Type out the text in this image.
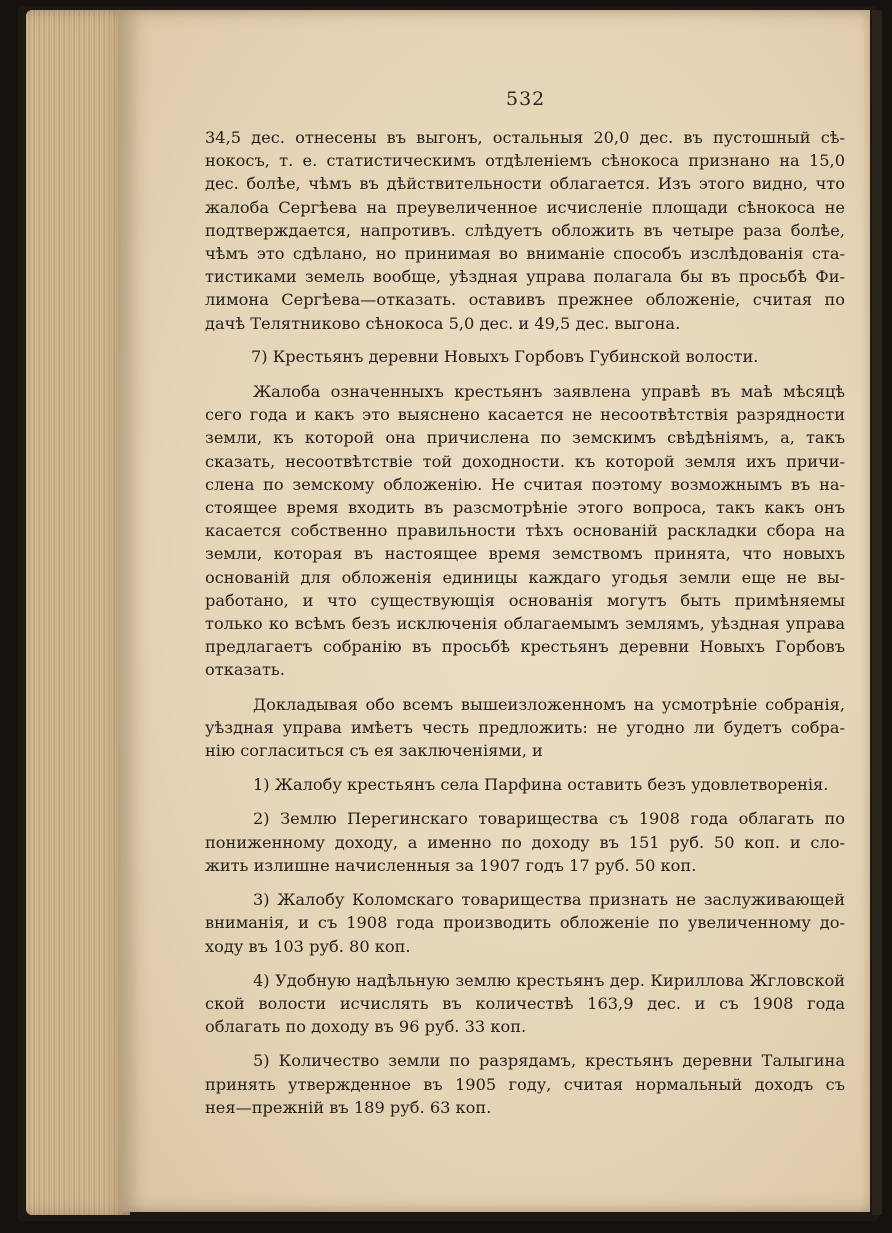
532
34,5 дес. отнесены въ выгонъ, остальныя 20,0 дес. въ пустошный сѣ-
нокосъ, т. е. статистическимъ отдѣленіемъ сѣнокоса признано на 15,0
дес. болѣе, чѣмъ въ дѣйствительности облагается. Изъ этого видно, что
жалоба Сергѣева на преувеличенное исчисленіе площади сѣнокоса не
подтверждается, напротивъ. слѣдуетъ обложить въ четыре раза болѣе,
чѣмъ это сдѣлано, но принимая во вниманіе способъ изслѣдованія ста-
тистиками земель вообще, уѣздная управа полагала бы въ просьбѣ Фи-
лимона Сергѣева—отказать. оставивъ прежнее обложеніе, считая по
дачѣ Телятниково сѣнокоса 5,0 дес. и 49,5 дес. выгона.
7) Крестьянъ деревни Новыхъ Горбовъ Губинской волости.
Жалоба означенныхъ крестьянъ заявлена управѣ въ маѣ мѣсяцѣ
сего года и какъ это выяснено касается не несоотвѣтствія разрядности
земли, къ которой она причислена по земскимъ свѣдѣніямъ, а, такъ
сказать, несоотвѣтствіе той доходности. къ которой земля ихъ причи-
слена по земскому обложенію. Не считая поэтому возможнымъ въ на-
стоящее время входить въ разсмотрѣніе этого вопроса, такъ какъ онъ
касается собственно правильности тѣхъ основаній раскладки сбора на
земли, которая въ настоящее время земствомъ принята, что новыхъ
основаній для обложенія единицы каждаго угодья земли еще не вы-
работано, и что существующія основанія могутъ быть примѣняемы
только ко всѣмъ безъ исключенія облагаемымъ землямъ, уѣздная управа
предлагаетъ собранію въ просьбѣ крестьянъ деревни Новыхъ Горбовъ
отказать.
Докладывая обо всемъ вышеизложенномъ на усмотрѣніе собранія,
уѣздная управа имѣетъ честь предложить: не угодно ли будетъ собра-
нію согласиться съ ея заключеніями, и
1) Жалобу крестьянъ села Парфина оставить безъ удовлетворенія.
2) Землю Перегинскаго товарищества съ 1908 года облагать по
пониженному доходу, а именно по доходу въ 151 руб. 50 коп. и сло-
жить излишне начисленныя за 1907 годъ 17 руб. 50 коп.
3) Жалобу Коломскаго товарищества признать не заслуживающей
вниманія, и съ 1908 года производить обложеніе по увеличенному до-
ходу въ 103 руб. 80 коп.
4) Удобную надѣльную землю крестьянъ дер. Кириллова Жгловской
ской волости исчислять въ количествѣ 163,9 дес. и съ 1908 года
облагать по доходу въ 96 руб. 33 коп.
5) Количество земли по разрядамъ, крестьянъ деревни Талыгина
принять утвержденное въ 1905 году, считая нормальный доходъ съ
нея—прежній въ 189 руб. 63 коп.
